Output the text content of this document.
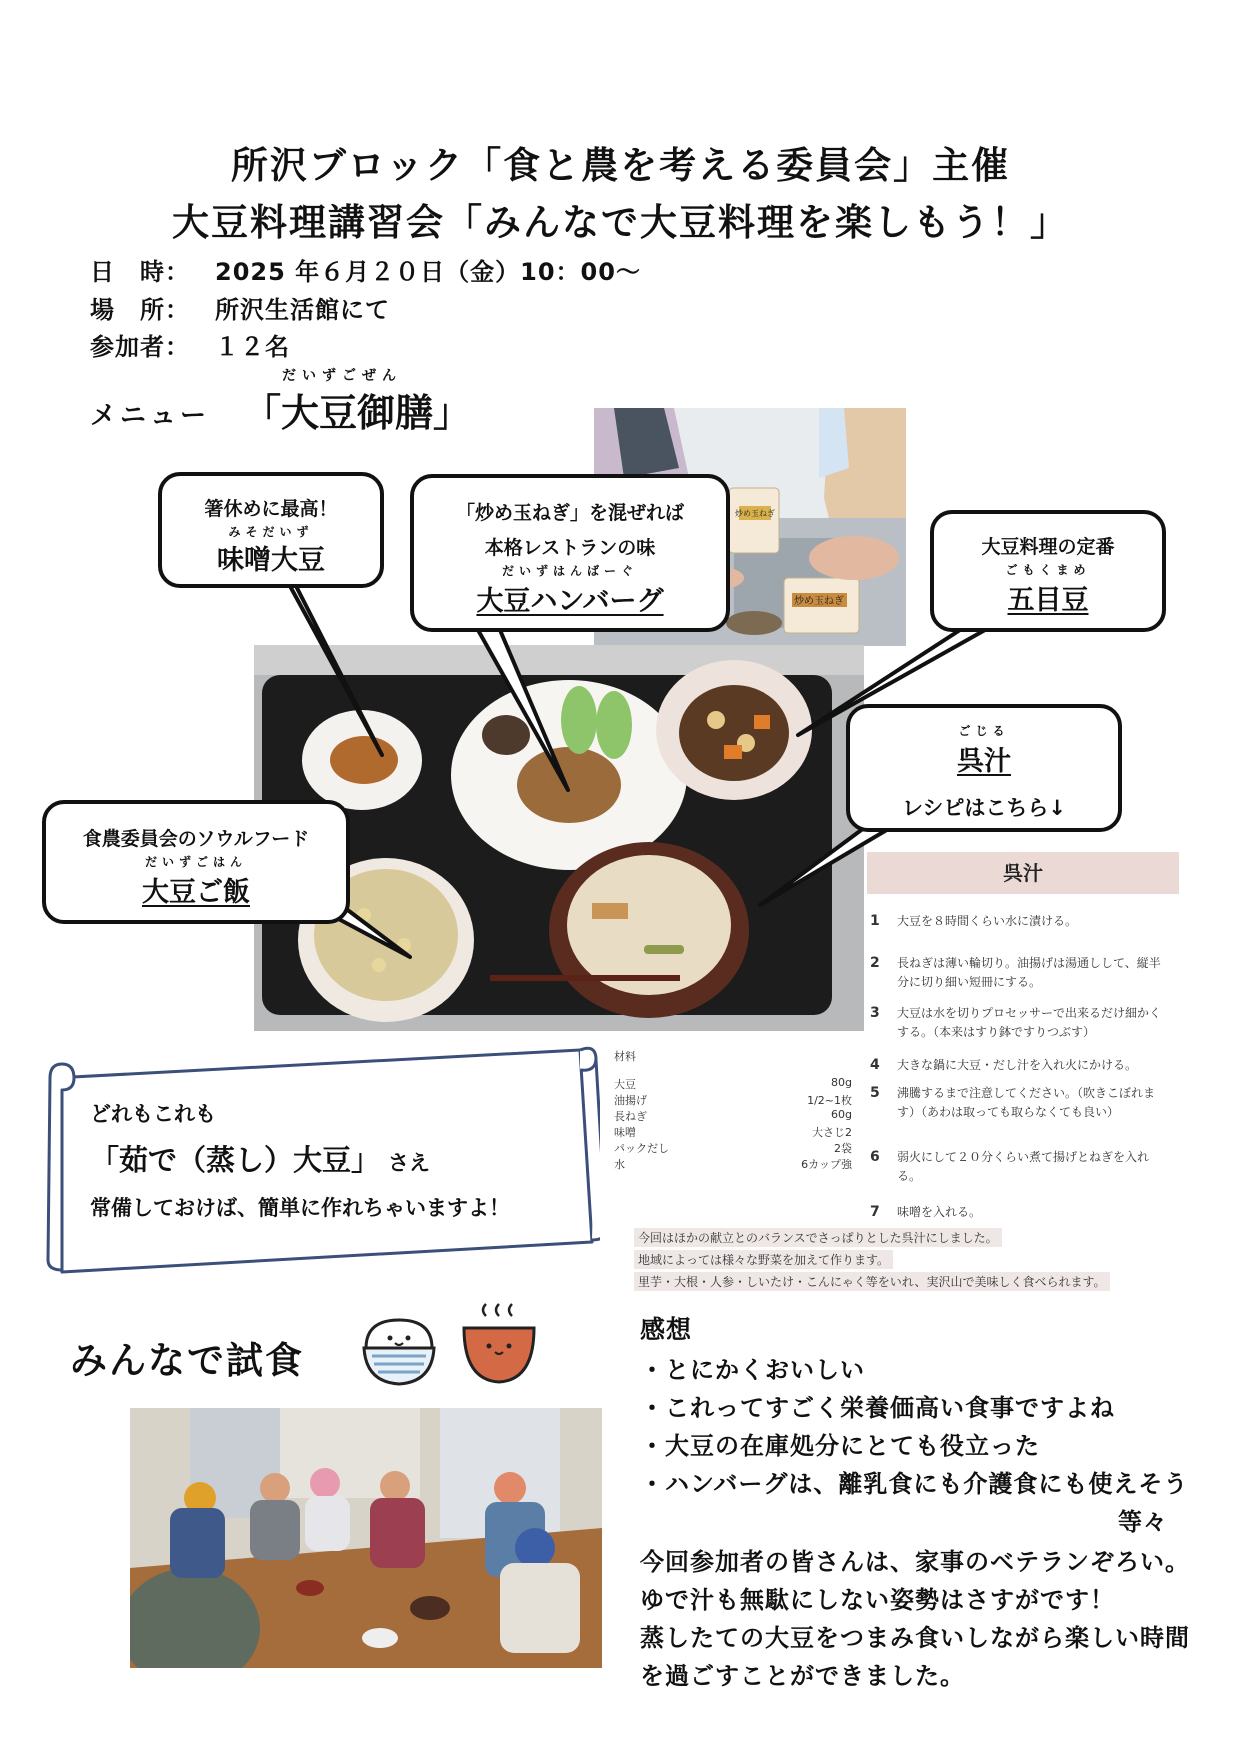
所沢ブロック「食と農を考える委員会」主催
大豆料理講習会「みんなで大豆料理を楽しもう！」
日　時： 2025 年６月２０日（金）10：00～
場　所： 所沢生活館にて
参加者： １２名
メニュー
だいずごぜん
「大豆御膳」
炒め玉ねぎ
炒め玉ねぎ
箸休めに最高！
みそだいず
味噌大豆
「炒め玉ねぎ」を混ぜれば
本格レストランの味
だいずはんばーぐ
大豆ハンバーグ
大豆料理の定番
ごもくまめ
五目豆
ごじる
呉汁
レシピはこちら↓
食農委員会のソウルフード
だいずごはん
大豆ご飯
呉汁
1 大豆を８時間くらい水に漬ける。
2 長ねぎは薄い輪切り。油揚げは湯通しして、縦半分に切り細い短冊にする。
3 大豆は水を切りプロセッサーで出来るだけ細かくする。（本来はすり鉢ですりつぶす）
4 大きな鍋に大豆・だし汁を入れ火にかける。
5 沸騰するまで注意してください。（吹きこぼれます）（あわは取っても取らなくても良い）
6 弱火にして２０分くらい煮て揚げとねぎを入れる。
7 味噌を入れる。
材料
大豆	80g
油揚げ	1/2~1枚
長ねぎ	60g
味噌	大さじ2
パックだし	2袋
水	6カップ強
今回はほかの献立とのバランスでさっぱりとした呉汁にしました。
地域によっては様々な野菜を加えて作ります。
里芋・大根・人参・しいたけ・こんにゃく等をいれ、実沢山で美味しく食べられます。
どれもこれも
「茹で（蒸し）大豆」 さえ
常備しておけば、簡単に作れちゃいますよ！
みんなで試食
感想
・とにかくおいしい
・これってすごく栄養価高い食事ですよね
・大豆の在庫処分にとても役立った
・ハンバーグは、離乳食にも介護食にも使えそう
等々
今回参加者の皆さんは、家事のベテランぞろい。
ゆで汁も無駄にしない姿勢はさすがです！
蒸したての大豆をつまみ食いしながら楽しい時間
を過ごすことができました。
